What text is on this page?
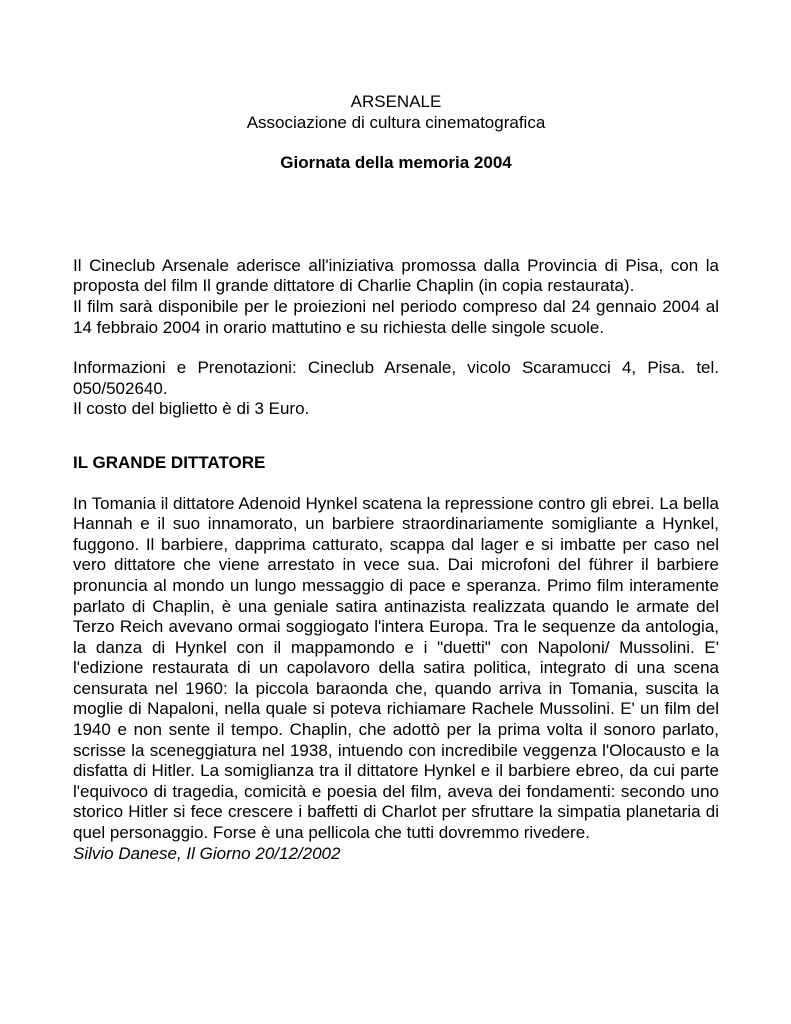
ARSENALE

Associazione di cultura cinematografica

Giornata della memoria 2004

Il Cineclub Arsenale aderisce all'iniziativa promossa dalla Provincia di Pisa, con la proposta del film Il grande dittatore di Charlie Chaplin (in copia restaurata).
Il film sarà disponibile per le proiezioni nel periodo compreso dal 24 gennaio 2004 al 14 febbraio 2004 in orario mattutino e su richiesta delle singole scuole.
Informazioni e Prenotazioni: Cineclub Arsenale, vicolo Scaramucci 4, Pisa. tel. 050/502640.
Il costo del biglietto è di 3 Euro.

IL GRANDE DITTATORE

In Tomania il dittatore Adenoid Hynkel scatena la repressione contro gli ebrei. La bella Hannah e il suo innamorato, un barbiere straordinariamente somigliante a Hynkel, fuggono. Il barbiere, dapprima catturato, scappa dal lager e si imbatte per caso nel vero dittatore che viene arrestato in vece sua. Dai microfoni del führer il barbiere pronuncia al mondo un lungo messaggio di pace e speranza. Primo film interamente parlato di Chaplin, è una geniale satira antinazista realizzata quando le armate del Terzo Reich avevano ormai soggiogato l'intera Europa. Tra le sequenze da antologia, la danza di Hynkel con il mappamondo e i "duetti" con Napoloni/ Mussolini. E' l'edizione restaurata di un capolavoro della satira politica, integrato di una scena censurata nel 1960: la piccola baraonda che, quando arriva in Tomania, suscita la moglie di Napaloni, nella quale si poteva richiamare Rachele Mussolini. E' un film del 1940 e non sente il tempo. Chaplin, che adottò per la prima volta il sonoro parlato, scrisse la sceneggiatura nel 1938, intuendo con incredibile veggenza l'Olocausto e la disfatta di Hitler. La somiglianza tra il dittatore Hynkel e il barbiere ebreo, da cui parte l'equivoco di tragedia, comicità e poesia del film, aveva dei fondamenti: secondo uno storico Hitler si fece crescere i baffetti di Charlot per sfruttare la simpatia planetaria di quel personaggio. Forse è una pellicola che tutti dovremmo rivedere.
Silvio Danese, Il Giorno 20/12/2002
